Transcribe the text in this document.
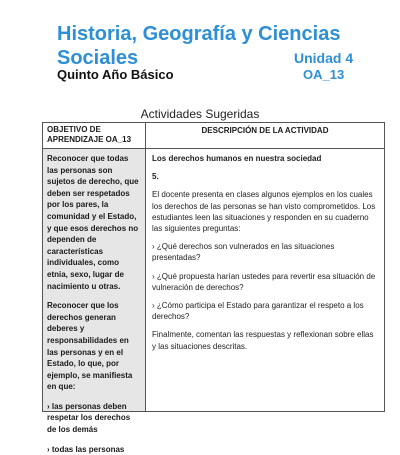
Historia, Geografía y Ciencias Sociales	Unidad 4
Quinto Año Básico	OA_13
Actividades Sugeridas
OBJETIVO DE APRENDIZAJE OA_13
DESCRIPCIÓN DE LA ACTIVIDAD

Reconocer que todas las personas son sujetos de derecho, que deben ser respetados por los pares, la comunidad y el Estado, y que esos derechos no dependen de características individuales, como etnia, sexo, lugar de nacimiento u otras.

Reconocer que los derechos generan deberes y responsabilidades en las personas y en el Estado, lo que, por ejemplo, se manifiesta en que:

› las personas deben respetar los derechos de los demás

› todas las personas

Los derechos humanos en nuestra sociedad

5.

El docente presenta en clases algunos ejemplos en los cuales los derechos de las personas se han visto comprometidos. Los estudiantes leen las situaciones y responden en su cuaderno las siguientes preguntas:

› ¿Qué derechos son vulnerados en las situaciones presentadas?

› ¿Qué propuesta harían ustedes para revertir esa situación de vulneración de derechos?

› ¿Cómo participa el Estado para garantizar el respeto a los derechos?

Finalmente, comentan las respuestas y reflexionan sobre ellas y las situaciones descritas.
